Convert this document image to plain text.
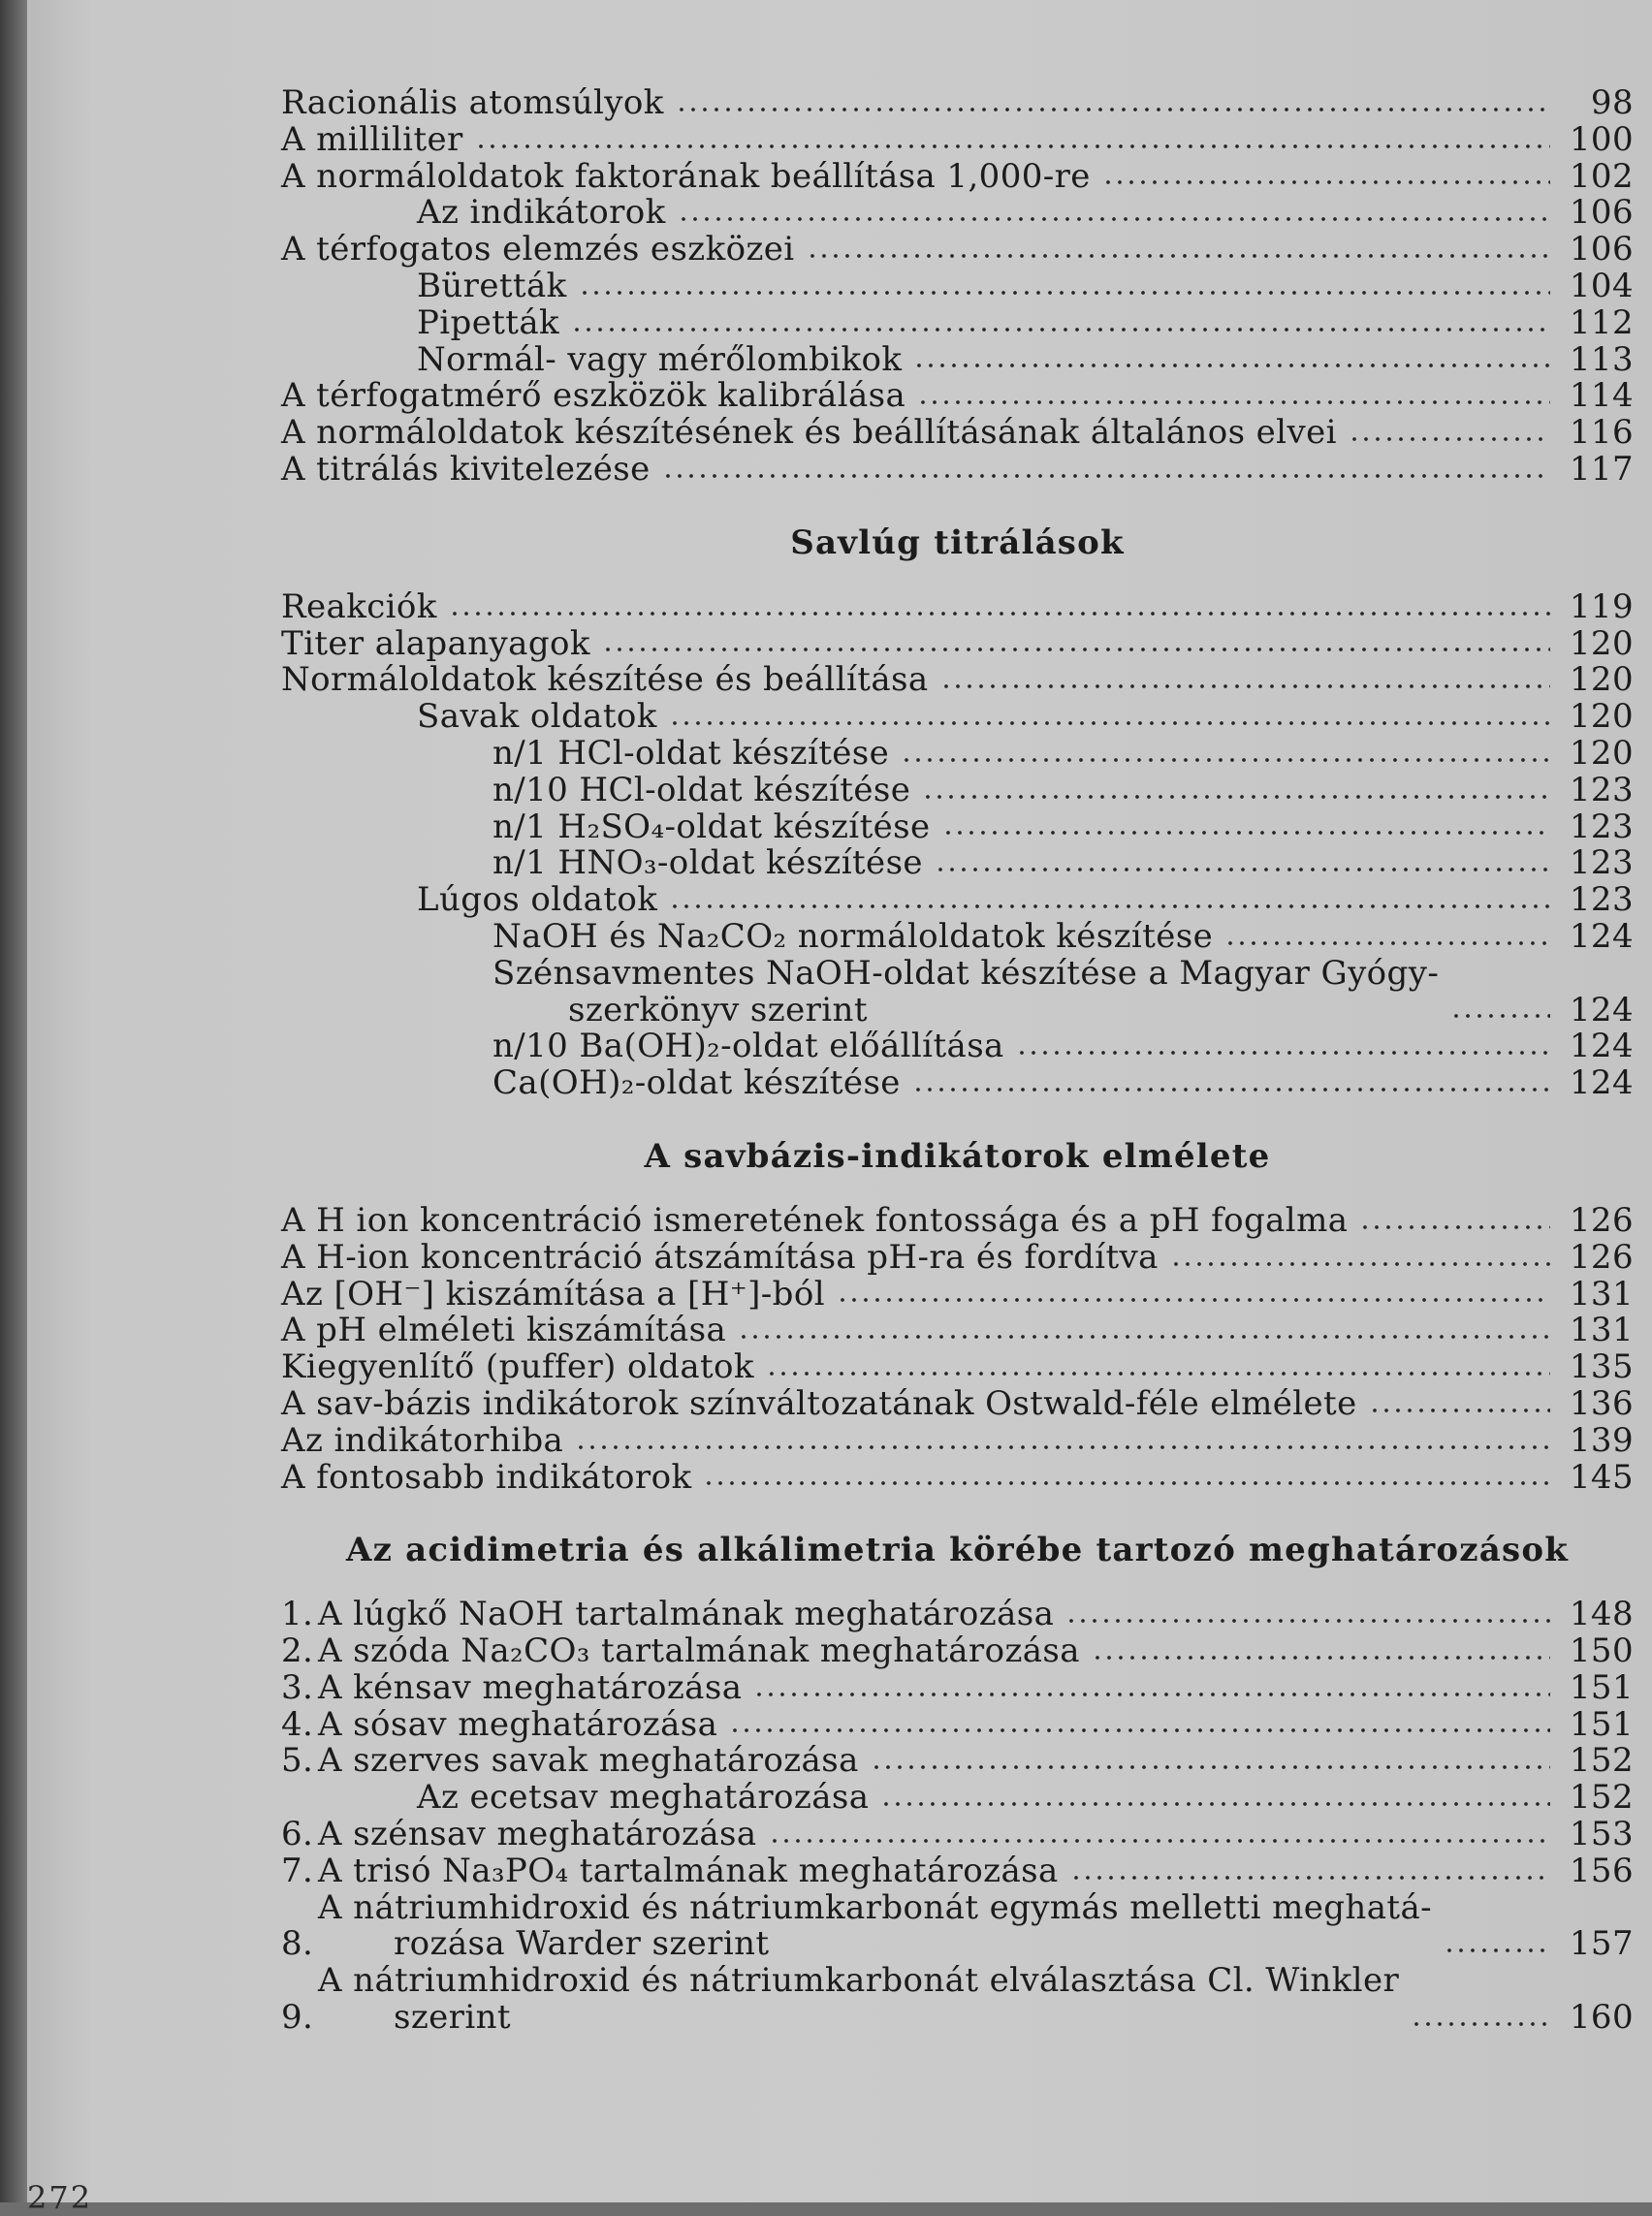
Racionális atomsúlyok	98
A milliliter	100
A normáloldatok faktorának beállítása 1,000-re	102
Az indikátorok	106
A térfogatos elemzés eszközei	106
Büretták	104
Pipetták	112
Normál- vagy mérőlombikok	113
A térfogatmérő eszközök kalibrálása	114
A normáloldatok készítésének és beállításának általános elvei	116
A titrálás kivitelezése	117
Savlúg titrálások
Reakciók	119
Titer alapanyagok	120
Normáloldatok készítése és beállítása	120
Savak oldatok	120
n/1 HCl-oldat készítése	120
n/10 HCl-oldat készítése	123
n/1 H₂SO₄-oldat készítése	123
n/1 HNO₃-oldat készítése	123
Lúgos oldatok	123
NaOH és Na₂CO₂ normáloldatok készítése	124
Szénsavmentes NaOH-oldat készítése a Magyar Gyógy-
szerkönyv szerint	124
n/10 Ba(OH)₂-oldat előállítása	124
Ca(OH)₂-oldat készítése	124
A savbázis-indikátorok elmélete
A H ion koncentráció ismeretének fontossága és a pH fogalma	126
A H-ion koncentráció átszámítása pH-ra és fordítva	126
Az [OH⁻] kiszámítása a [H⁺]-ból	131
A pH elméleti kiszámítása	131
Kiegyenlítő (puffer) oldatok	135
A sav-bázis indikátorok színváltozatának Ostwald-féle elmélete	136
Az indikátorhiba	139
A fontosabb indikátorok	145
Az acidimetria és alkálimetria körébe tartozó meghatározások
1. A lúgkő NaOH tartalmának meghatározása	148
2. A szóda Na₂CO₃ tartalmának meghatározása	150
3. A kénsav meghatározása	151
4. A sósav meghatározása	151
5. A szerves savak meghatározása	152
Az ecetsav meghatározása	152
6. A szénsav meghatározása	153
7. A trisó Na₃PO₄ tartalmának meghatározása	156
8.
A nátriumhidroxid és nátriumkarbonát egymás melletti meghatá-
rozása Warder szerint	157
9.
A nátriumhidroxid és nátriumkarbonát elválasztása Cl. Winkler
szerint	160
272
